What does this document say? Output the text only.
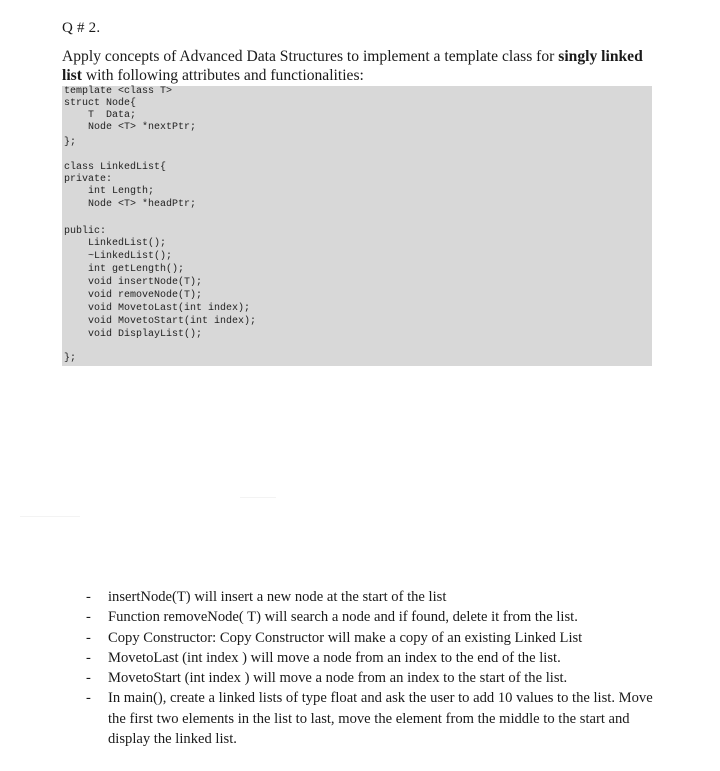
Q # 2.
Apply concepts of Advanced Data Structures to implement a template class for singly linked list with following attributes and functionalities:
template <class T>
struct Node{
T  Data;
Node <T> *nextPtr;
};
class LinkedList{
private:
int Length;
Node <T> *headPtr;
public:
LinkedList();
~LinkedList();
int getLength();
void insertNode(T);
void removeNode(T);
void MovetoLast(int index);
void MovetoStart(int index);
void DisplayList();
};
- insertNode(T) will insert a new node at the start of the list
- Function removeNode( T) will search a node and if found, delete it from the list.
- Copy Constructor: Copy Constructor will make a copy of an existing Linked List
- MovetoLast (int index ) will move a node from an index to the end of the list.
- MovetoStart (int index ) will move a node from an index to the start of the list.
- In main(), create a linked lists of type float and ask the user to add 10 values to the list. Move the first two elements in the list to last, move the element from the middle to the start and display the linked list.
